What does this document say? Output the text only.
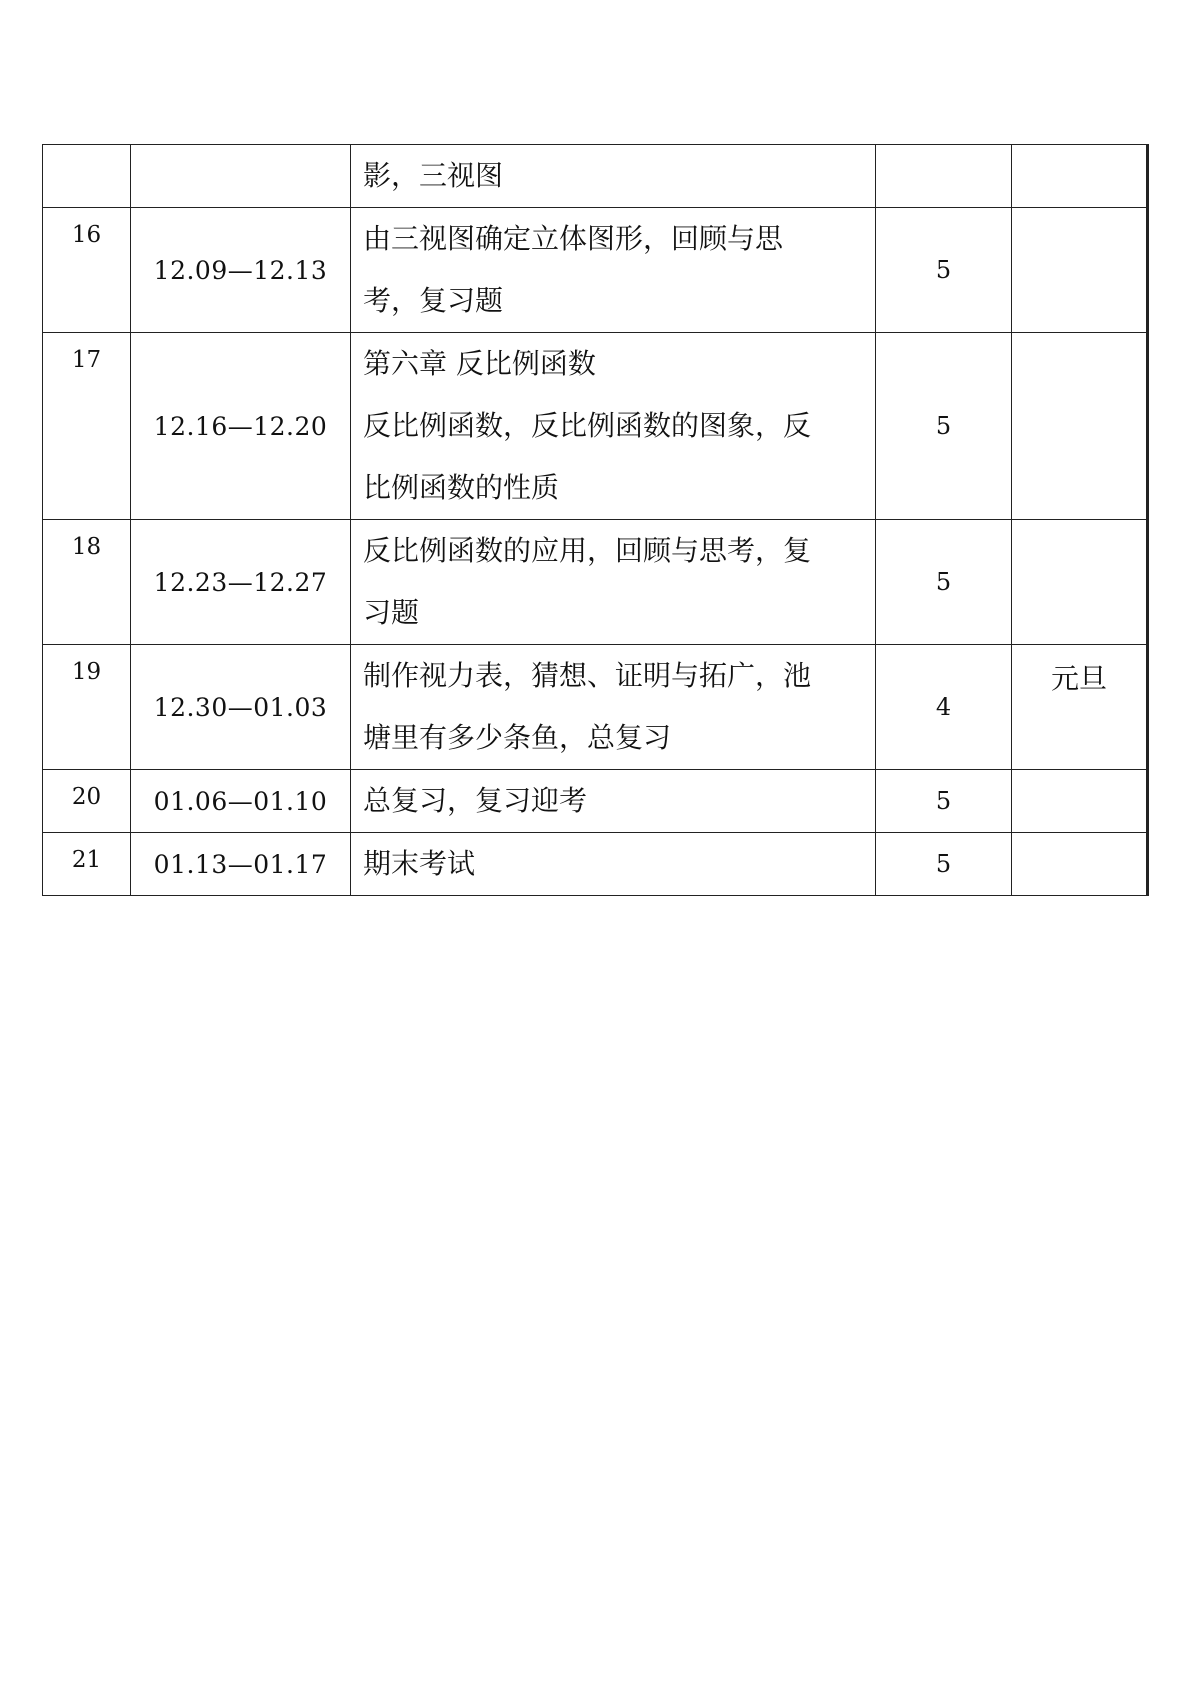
		影，三视图		

16	12.09—12.13	由三视图确定立体图形，回顾与思
考，复习题	5	
17	12.16—12.20	第六章 反比例函数
反比例函数，反比例函数的图象，反
比例函数的性质	5	
18	12.23—12.27	反比例函数的应用，回顾与思考，复
习题	5	
19	12.30—01.03	制作视力表，猜想、证明与拓广，池
塘里有多少条鱼，总复习	4	元旦
20	01.06—01.10	总复习，复习迎考	5	
21	01.13—01.17	期末考试	5	
